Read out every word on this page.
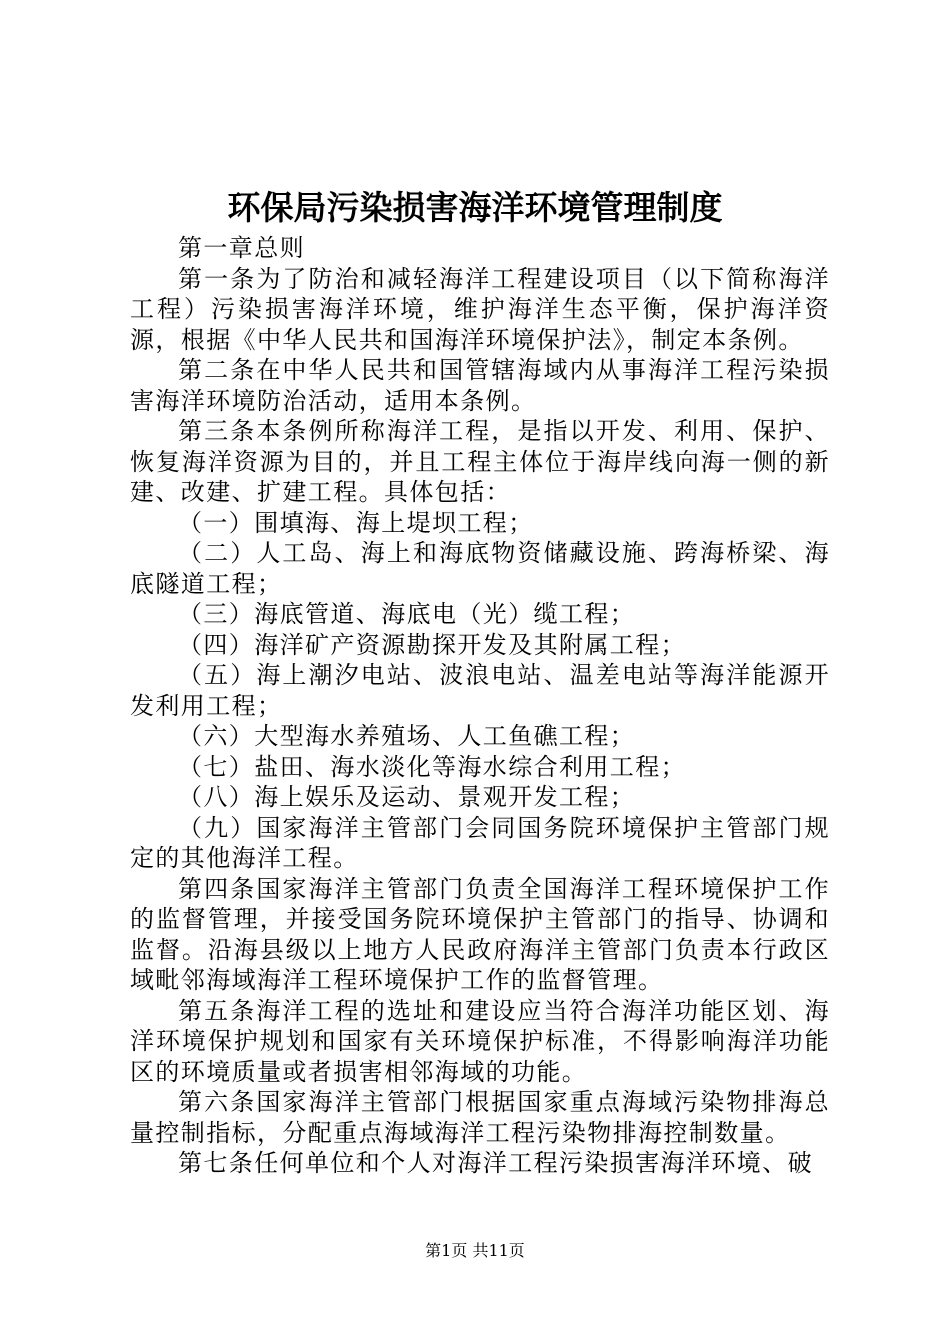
环保局污染损害海洋环境管理制度

第一章总则

第一条为了防治和减轻海洋工程建设项目（以下简称海洋工程）污染损害海洋环境，维护海洋生态平衡，保护海洋资源，根据《中华人民共和国海洋环境保护法》，制定本条例。

第二条在中华人民共和国管辖海域内从事海洋工程污染损害海洋环境防治活动，适用本条例。

第三条本条例所称海洋工程，是指以开发、利用、保护、恢复海洋资源为目的，并且工程主体位于海岸线向海一侧的新建、改建、扩建工程。具体包括：

（一）围填海、海上堤坝工程；

（二）人工岛、海上和海底物资储藏设施、跨海桥梁、海底隧道工程；

（三）海底管道、海底电（光）缆工程；

（四）海洋矿产资源勘探开发及其附属工程；

（五）海上潮汐电站、波浪电站、温差电站等海洋能源开发利用工程；

（六）大型海水养殖场、人工鱼礁工程；

（七）盐田、海水淡化等海水综合利用工程；

（八）海上娱乐及运动、景观开发工程；

（九）国家海洋主管部门会同国务院环境保护主管部门规定的其他海洋工程。

第四条国家海洋主管部门负责全国海洋工程环境保护工作的监督管理，并接受国务院环境保护主管部门的指导、协调和监督。沿海县级以上地方人民政府海洋主管部门负责本行政区域毗邻海域海洋工程环境保护工作的监督管理。

第五条海洋工程的选址和建设应当符合海洋功能区划、海洋环境保护规划和国家有关环境保护标准，不得影响海洋功能区的环境质量或者损害相邻海域的功能。

第六条国家海洋主管部门根据国家重点海域污染物排海总量控制指标，分配重点海域海洋工程污染物排海控制数量。

第七条任何单位和个人对海洋工程污染损害海洋环境、破

第1页 共11页
